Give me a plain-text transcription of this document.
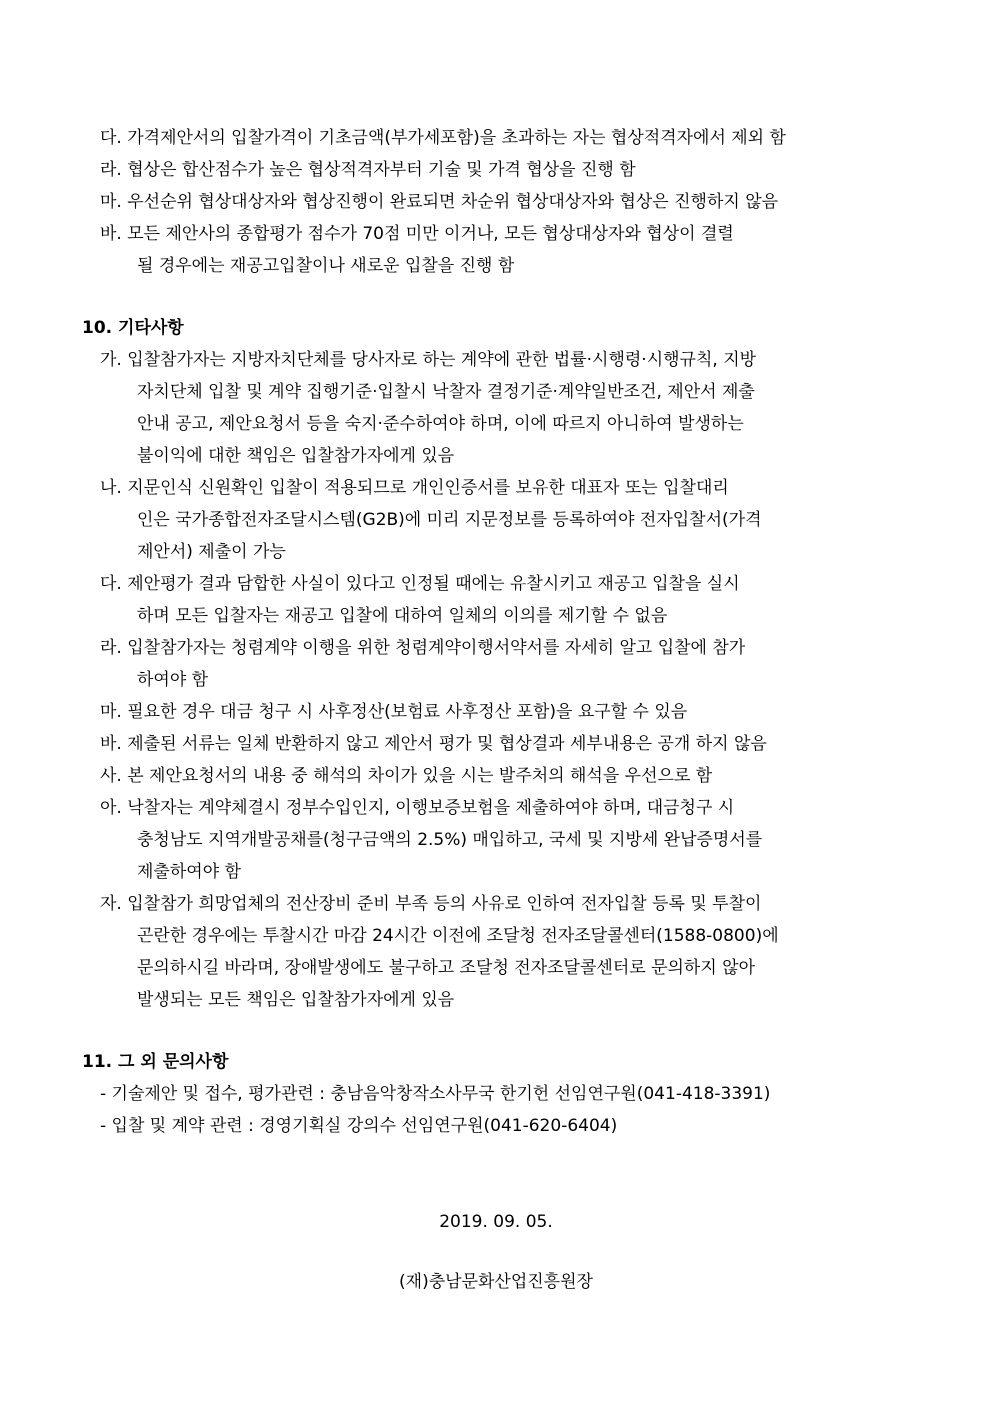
다. 가격제안서의 입찰가격이 기초금액(부가세포함)을 초과하는 자는 협상적격자에서 제외 함
라. 협상은 합산점수가 높은 협상적격자부터 기술 및 가격 협상을 진행 함
마. 우선순위 협상대상자와 협상진행이 완료되면 차순위 협상대상자와 협상은 진행하지 않음
바. 모든 제안사의 종합평가 점수가 70점 미만 이거나, 모든 협상대상자와 협상이 결렬
될 경우에는 재공고입찰이나 새로운 입찰을 진행 함
10. 기타사항
가. 입찰참가자는 지방자치단체를 당사자로 하는 계약에 관한 법률·시행령·시행규칙, 지방
자치단체 입찰 및 계약 집행기준·입찰시 낙찰자 결정기준·계약일반조건, 제안서 제출
안내 공고, 제안요청서 등을 숙지·준수하여야 하며, 이에 따르지 아니하여 발생하는
불이익에 대한 책임은 입찰참가자에게 있음
나. 지문인식 신원확인 입찰이 적용되므로 개인인증서를 보유한 대표자 또는 입찰대리
인은 국가종합전자조달시스템(G2B)에 미리 지문정보를 등록하여야 전자입찰서(가격
제안서) 제출이 가능
다. 제안평가 결과 담합한 사실이 있다고 인정될 때에는 유찰시키고 재공고 입찰을 실시
하며 모든 입찰자는 재공고 입찰에 대하여 일체의 이의를 제기할 수 없음
라. 입찰참가자는 청렴계약 이행을 위한 청렴계약이행서약서를 자세히 알고 입찰에 참가
하여야 함
마. 필요한 경우 대금 청구 시 사후정산(보험료 사후정산 포함)을 요구할 수 있음
바. 제출된 서류는 일체 반환하지 않고 제안서 평가 및 협상결과 세부내용은 공개 하지 않음
사. 본 제안요청서의 내용 중 해석의 차이가 있을 시는 발주처의 해석을 우선으로 함
아. 낙찰자는 계약체결시 정부수입인지, 이행보증보험을 제출하여야 하며, 대금청구 시
충청남도 지역개발공채를(청구금액의 2.5%) 매입하고, 국세 및 지방세 완납증명서를
제출하여야 함
자. 입찰참가 희망업체의 전산장비 준비 부족 등의 사유로 인하여 전자입찰 등록 및 투찰이
곤란한 경우에는 투찰시간 마감 24시간 이전에 조달청 전자조달콜센터(1588-0800)에
문의하시길 바라며, 장애발생에도 불구하고 조달청 전자조달콜센터로 문의하지 않아
발생되는 모든 책임은 입찰참가자에게 있음
11. 그 외 문의사항
- 기술제안 및 접수, 평가관련 : 충남음악창작소사무국 한기헌 선임연구원(041-418-3391)
- 입찰 및 계약 관련 : 경영기획실 강의수 선임연구원(041-620-6404)
2019. 09. 05.
(재)충남문화산업진흥원장
